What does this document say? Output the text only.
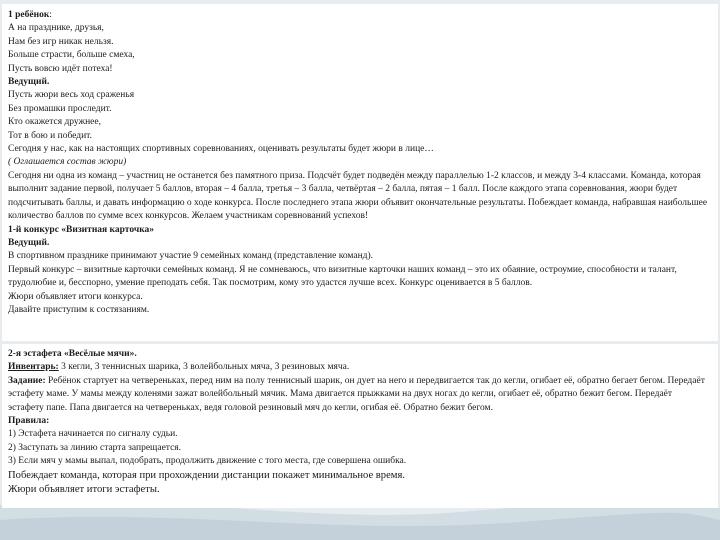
1 ребёнок:

А на празднике, друзья,

Нам без игр никак нельзя.

Больше страсти, больше смеха,

Пусть вовсю идёт потеха!

Ведущий.

Пусть жюри весь ход сраженья

Без промашки проследит.

Кто окажется дружнее,

Тот в бою и победит.

Сегодня у нас, как на настоящих спортивных соревнованиях, оценивать результаты будет жюри в лице…

( Оглашается состав жюри)

Сегодня ни одна из команд – участниц не останется без памятного приза. Подсчёт будет подведён между параллелью 1-2 классов, и между 3-4 классами. Команда, которая выполнит задание первой, получает 5 баллов, вторая – 4 балла, третья – 3 балла, четвёртая – 2 балла, пятая – 1 балл. После каждого этапа соревнования, жюри будет подсчитывать баллы, и давать информацию о ходе конкурса. После последнего этапа жюри объявит окончательные результаты. Побеждает команда, набравшая наибольшее количество баллов по сумме всех конкурсов. Желаем участникам соревнований успехов!

1-й конкурс «Визитная карточка»

Ведущий.

В спортивном празднике принимают участие 9 семейных команд (представление команд).

Первый конкурс – визитные карточки семейных команд. Я не сомневаюсь, что визитные карточки наших команд – это их обаяние, остроумие, способности и талант, трудолюбие и, бесспорно, умение преподать себя. Так посмотрим, кому это удастся лучше всех. Конкурс оценивается в 5 баллов.

Жюри объявляет итоги конкурса.

Давайте приступим к состязаниям.

2-я эстафета «Весёлые мячи».

Инвентарь: 3 кегли, 3 теннисных шарика, 3 волейбольных мяча, 3 резиновых мяча.

Задание: Ребёнок стартует на четвереньках, перед ним на полу теннисный шарик, он дует на него и передвигается так до кегли, огибает её, обратно бегает бегом. Передаёт эстафету маме. У мамы между коленями зажат волейбольный мячик. Мама двигается прыжками на двух ногах до кегли, огибает её, обратно бежит бегом. Передаёт эстафету папе. Папа двигается на четвереньках, ведя головой резиновый мяч до кегли, огибая её. Обратно бежит бегом.

Правила:

1) Эстафета начинается по сигналу судьи.

2) Заступать за линию старта запрещается.

3) Если мяч у мамы выпал, подобрать, продолжить движение с того места, где совершена ошибка.

Побеждает команда, которая при прохождении дистанции покажет минимальное время.

Жюри объявляет итоги эстафеты.
